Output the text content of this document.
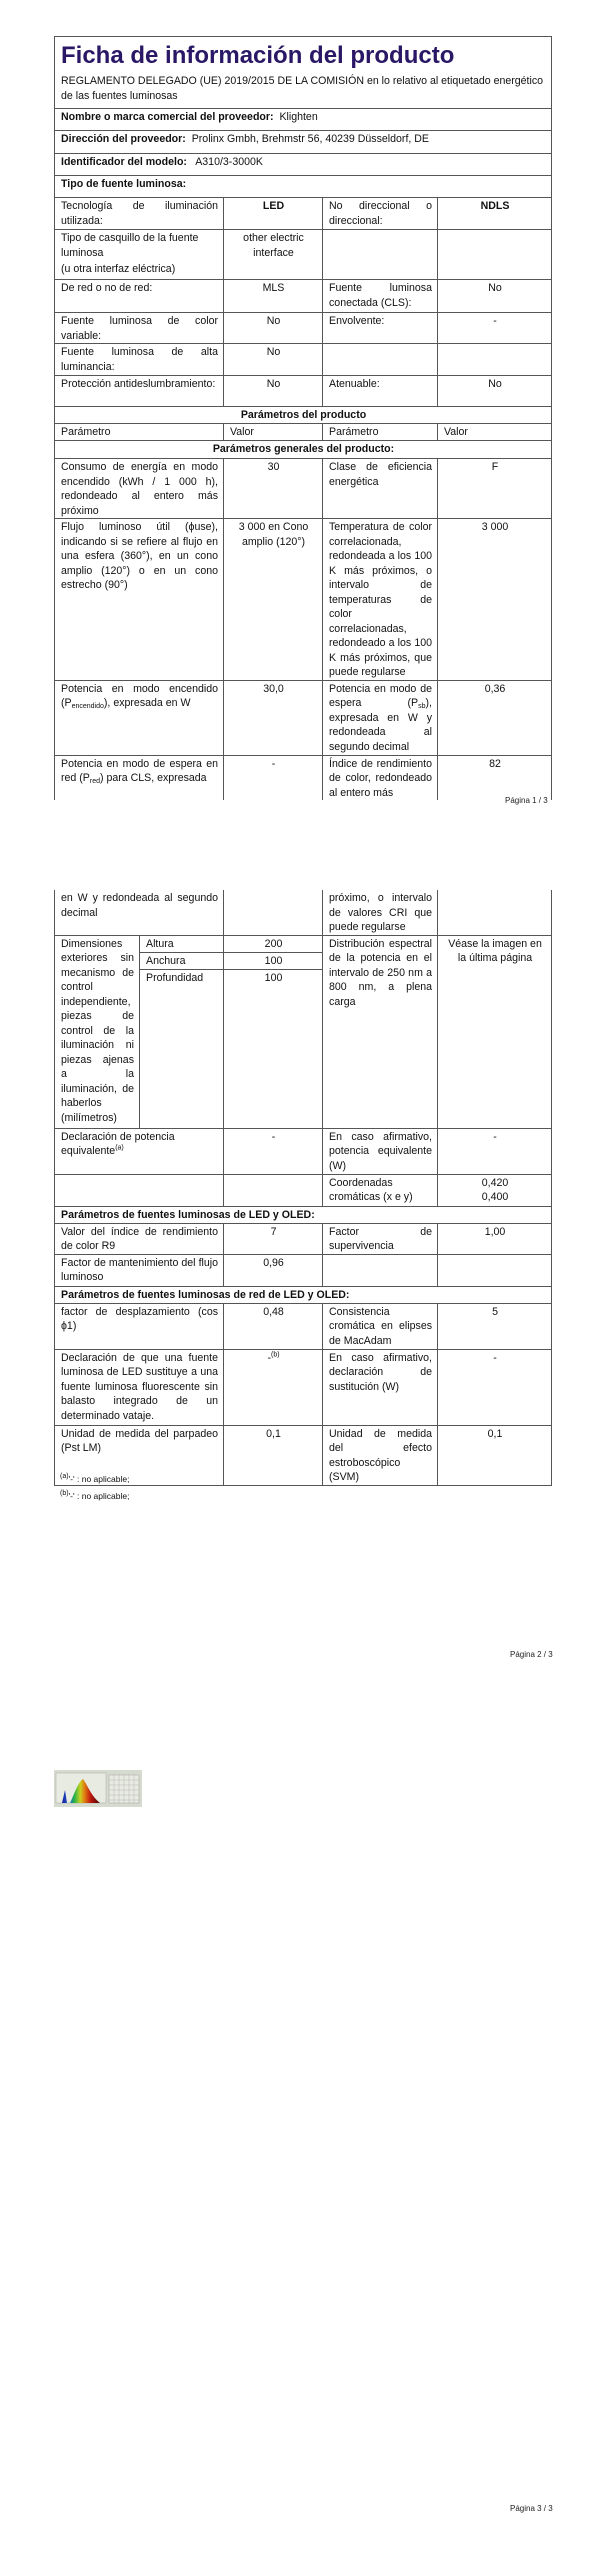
Ficha de información del producto
REGLAMENTO DELEGADO (UE) 2019/2015 DE LA COMISIÓN en lo relativo al etiquetado energético de las fuentes luminosas			

Nombre o marca comercial del proveedor: Klighten			
Dirección del proveedor: Prolinx Gmbh, Brehmstr 56, 40239 Düsseldorf, DE			
Identificador del modelo: A310/3-3000K			
Tipo de fuente luminosa:			
Tecnología de iluminación utilizada:	LED	No direccional o direccional:	NDLS

Tipo de casquillo de la fuente luminosa
(u otra interfaz eléctrica)	other electric interface		
De red o no de red:	MLS	Fuente luminosa conectada (CLS):	No
Fuente luminosa de color variable:	No	Envolvente:	-
Fuente luminosa de alta luminancia:	No		
Protección antideslumbramiento:	No	Atenuable:	No
Parámetros del producto			
Parámetro	Valor	Parámetro	Valor
Parámetros generales del producto:			
Consumo de energía en modo encendido (kWh / 1 000 h), redondeado al entero más próximo	30	Clase de eficiencia energética	F
Flujo luminoso útil (ϕuse), indicando si se refiere al flujo en una esfera (360°), en un cono amplio (120°) o en un cono estrecho (90°)	3 000 en Cono amplio (120°)	Temperatura de color correlacionada, redondeada a los 100 K más próximos, o intervalo de temperaturas de color correlacionadas, redondeado a los 100 K más próximos, que puede regularse	3 000
Potencia en modo encendido $(P_{encendido})$, expresada en W	30,0	Potencia en modo de espera $(P_{sb})$, expresada en W y redondeada al segundo decimal	0,36
Potencia en modo de espera en red $(P_{red})$ para CLS, expresada	-	Índice de rendimiento de color, redondeado al entero más	82
Página 1 / 3
en W y redondeada al segundo decimal			próximo, o intervalo de valores CRI que puede regularse	
Dimensiones exteriores sin mecanismo de control independiente, piezas de control de la iluminación ni piezas ajenas a la iluminación, de haberlos (milímetros)	Altura	200	Distribución espectral de la potencia en el intervalo de 250 nm a 800 nm, a plena carga	Véase la imagen en la última página
	Anchura	100		
	Profundidad	100		
Declaración de potencia equivalente$^{(a)}$		-	En caso afirmativo, potencia equivalente (W)	-
			Coordenadas cromáticas (x e y)	0,420
0,400

Parámetros de fuentes luminosas de LED y OLED:				
Valor del índice de rendimiento de color R9		7	Factor de supervivencia	1,00
Factor de mantenimiento del flujo luminoso		0,96		
Parámetros de fuentes luminosas de red de LED y OLED:				
factor de desplazamiento (cos ϕ1)		0,48	Consistencia cromática en elipses de MacAdam	5
Declaración de que una fuente luminosa de LED sustituye a una fuente luminosa fluorescente sin balasto integrado de un determinado vataje.		-$^{(b)}$	En caso afirmativo, declaración de sustitución (W)	-
Unidad de medida del parpadeo (Pst LM)		0,1	Unidad de medida del efecto estroboscópico (SVM)	0,1
$^{(a)}$'-' : no aplicable;
$^{(b)}$'-' : no aplicable;
Página 2 / 3
Página 3 / 3
